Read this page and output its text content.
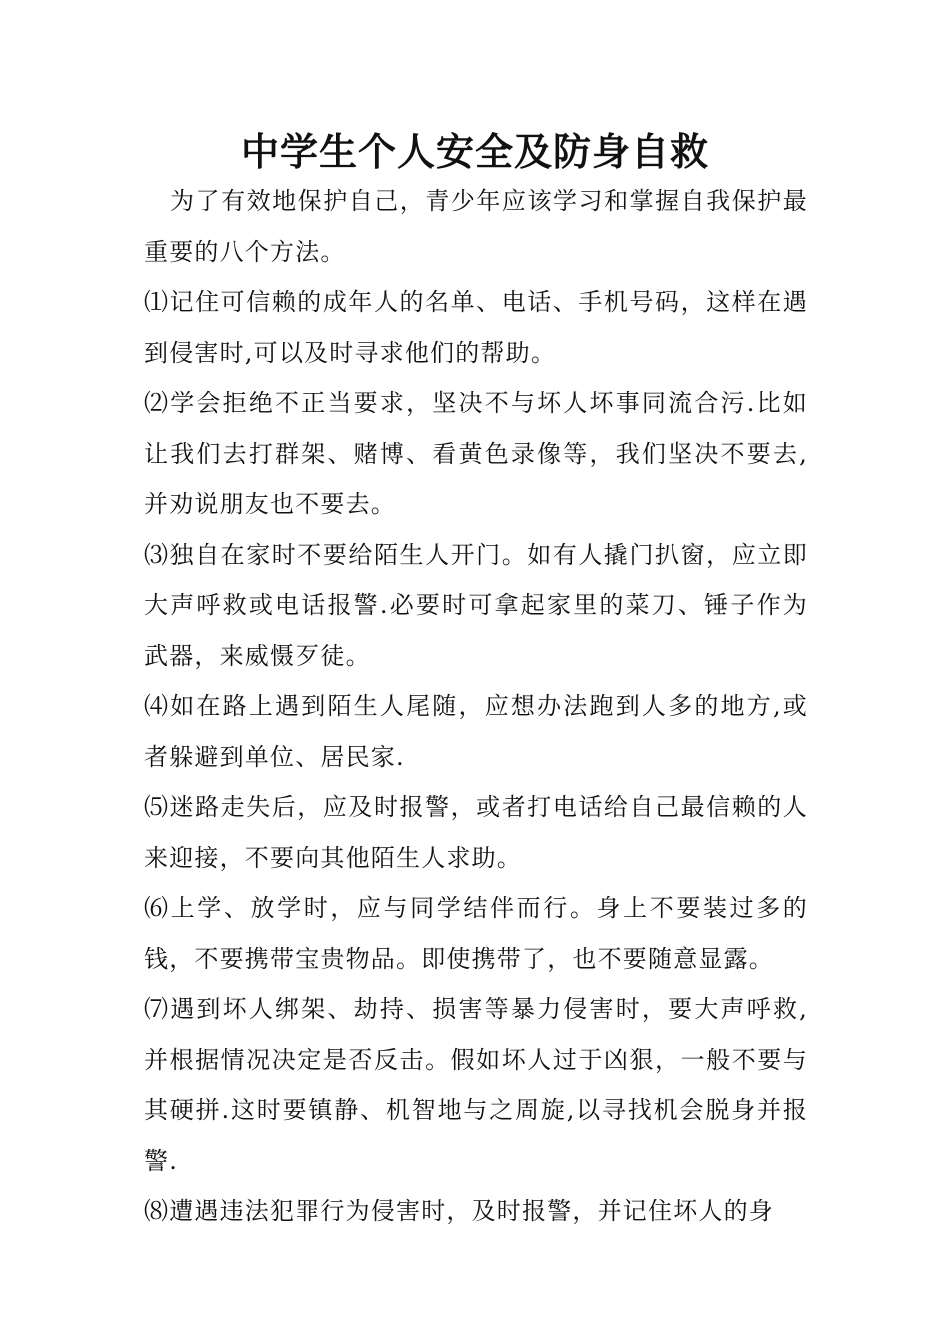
中学生个人安全及防身自救

为了有效地保护自己，青少年应该学习和掌握自我保护最重要的八个方法。

⑴记住可信赖的成年人的名单、电话、手机号码，这样在遇到侵害时,可以及时寻求他们的帮助。

⑵学会拒绝不正当要求，坚决不与坏人坏事同流合污.比如让我们去打群架、赌博、看黄色录像等，我们坚决不要去,并劝说朋友也不要去。

⑶独自在家时不要给陌生人开门。如有人撬门扒窗，应立即大声呼救或电话报警.必要时可拿起家里的菜刀、锤子作为武器，来威慑歹徒。

⑷如在路上遇到陌生人尾随，应想办法跑到人多的地方,或者躲避到单位、居民家.

⑸迷路走失后，应及时报警，或者打电话给自己最信赖的人来迎接，不要向其他陌生人求助。

⑹上学、放学时，应与同学结伴而行。身上不要装过多的钱，不要携带宝贵物品。即使携带了，也不要随意显露。

⑺遇到坏人绑架、劫持、损害等暴力侵害时，要大声呼救,并根据情况决定是否反击。假如坏人过于凶狠，一般不要与其硬拼.这时要镇静、机智地与之周旋,以寻找机会脱身并报警.

⑻遭遇违法犯罪行为侵害时，及时报警，并记住坏人的身
